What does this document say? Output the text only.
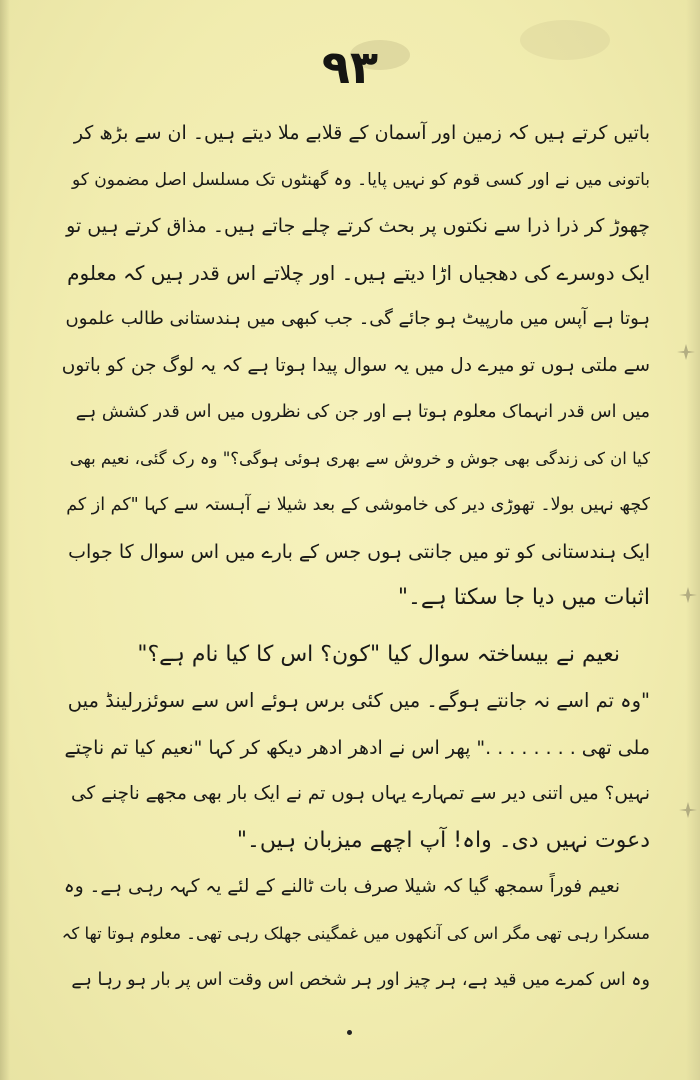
۹۳
باتیں کرتے ہیں کہ زمین اور آسمان کے قلابے ملا دیتے ہیں۔ ان سے بڑھ کر
باتونی میں نے اور کسی قوم کو نہیں پایا۔ وہ گھنٹوں تک مسلسل اصل مضمون کو
چھوڑ کر ذرا ذرا سے نکتوں پر بحث کرتے چلے جاتے ہیں۔ مذاق کرتے ہیں تو
ایک دوسرے کی دھجیاں اڑا دیتے ہیں۔ اور چلاتے اس قدر ہیں کہ معلوم
ہوتا ہے آپس میں مارپیٹ ہو جائے گی۔ جب کبھی میں ہندستانی طالب علموں
سے ملتی ہوں تو میرے دل میں یہ سوال پیدا ہوتا ہے کہ یہ لوگ جن کو باتوں
میں اس قدر انہماک معلوم ہوتا ہے اور جن کی نظروں میں اس قدر کشش ہے
کیا ان کی زندگی بھی جوش و خروش سے بھری ہوئی ہوگی؟" وہ رک گئی، نعیم بھی
کچھ نہیں بولا۔ تھوڑی دیر کی خاموشی کے بعد شیلا نے آہستہ سے کہا "کم از کم
ایک ہندستانی کو تو میں جانتی ہوں جس کے بارے میں اس سوال کا جواب
اثبات میں دیا جا سکتا ہے۔"
نعیم نے بیساختہ سوال کیا "کون؟ اس کا کیا نام ہے؟"
"وہ تم اسے نہ جانتے ہوگے۔ میں کئی برس ہوئے اس سے سوئزرلینڈ میں
ملی تھی . . . . . . . ." پھر اس نے ادھر ادھر دیکھ کر کہا "نعیم کیا تم ناچتے
نہیں؟ میں اتنی دیر سے تمہارے یہاں ہوں تم نے ایک بار بھی مجھے ناچنے کی
دعوت نہیں دی۔ واہ! آپ اچھے میزبان ہیں۔"
نعیم فوراً سمجھ گیا کہ شیلا صرف بات ٹالنے کے لئے یہ کہہ رہی ہے۔ وہ
مسکرا رہی تھی مگر اس کی آنکھوں میں غمگینی جھلک رہی تھی۔ معلوم ہوتا تھا کہ
وہ اس کمرے میں قید ہے، ہر چیز اور ہر شخص اس وقت اس پر بار ہو رہا ہے
